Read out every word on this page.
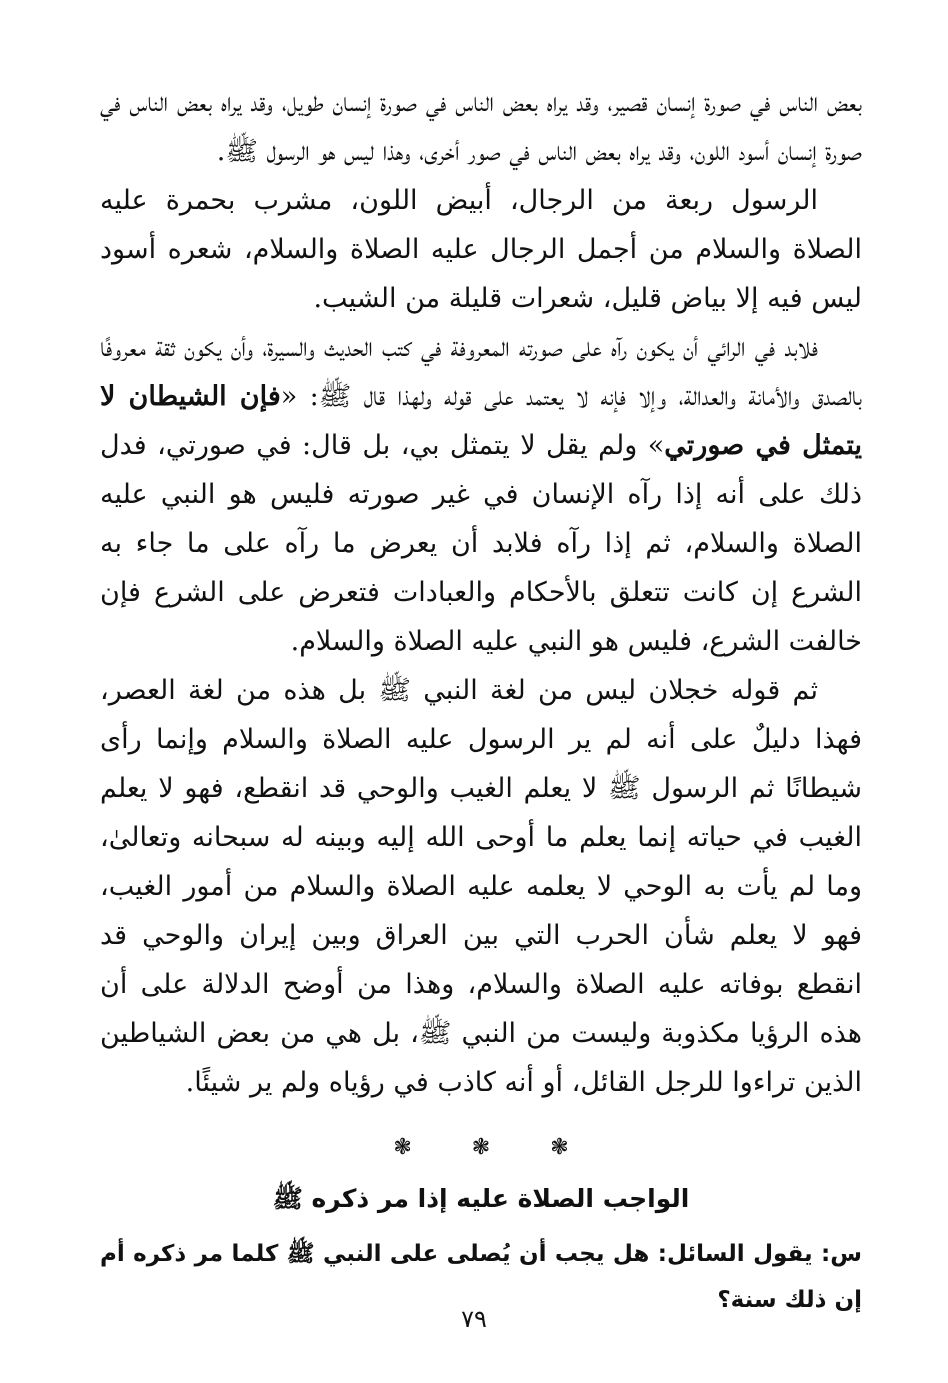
بعض الناس في صورة إنسان قصير، وقد يراه بعض الناس في صورة إنسان طويل، وقد يراه بعض الناس في صورة إنسان أسود اللون، وقد يراه بعض الناس في صور أخرى، وهذا ليس هو الرسول ﷺ.

الرسول ربعة من الرجال، أبيض اللون، مشرب بحمرة عليه الصلاة والسلام من أجمل الرجال عليه الصلاة والسلام، شعره أسود ليس فيه إلا بياض قليل، شعرات قليلة من الشيب.

فلابد في الرائي أن يكون رآه على صورته المعروفة في كتب الحديث والسيرة، وأن يكون ثقة معروفًا بالصدق والأمانة والعدالة، وإلا فإنه لا يعتمد على قوله ولهذا قال ﷺ: «فإن الشيطان لا يتمثل في صورتي» ولم يقل لا يتمثل بي، بل قال: في صورتي، فدل ذلك على أنه إذا رآه الإنسان في غير صورته فليس هو النبي عليه الصلاة والسلام، ثم إذا رآه فلابد أن يعرض ما رآه على ما جاء به الشرع إن كانت تتعلق بالأحكام والعبادات فتعرض على الشرع فإن خالفت الشرع، فليس هو النبي عليه الصلاة والسلام.

ثم قوله خجلان ليس من لغة النبي ﷺ بل هذه من لغة العصر، فهذا دليلٌ على أنه لم ير الرسول عليه الصلاة والسلام وإنما رأى شيطانًا ثم الرسول ﷺ لا يعلم الغيب والوحي قد انقطع، فهو لا يعلم الغيب في حياته إنما يعلم ما أوحى الله إليه وبينه له سبحانه وتعالىٰ، وما لم يأت به الوحي لا يعلمه عليه الصلاة والسلام من أمور الغيب، فهو لا يعلم شأن الحرب التي بين العراق وبين إيران والوحي قد انقطع بوفاته عليه الصلاة والسلام، وهذا من أوضح الدلالة على أن هذه الرؤيا مكذوبة وليست من النبي ﷺ، بل هي من بعض الشياطين الذين تراءوا للرجل القائل، أو أنه كاذب في رؤياه ولم ير شيئًا.

❃	❃	❃
الواجب الصلاة عليه إذا مر ذكره ﷺ

س: يقول السائل: هل يجب أن يُصلى على النبي ﷺ كلما مر ذكره أم إن ذلك سنة؟

٧٩
